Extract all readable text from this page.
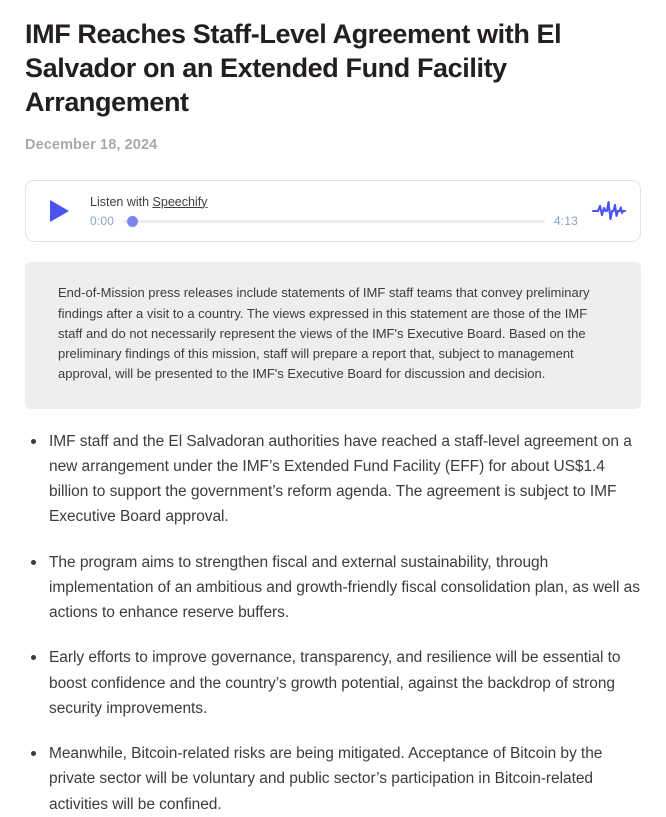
IMF Reaches Staff-Level Agreement with El Salvador on an Extended Fund Facility Arrangement
December 18, 2024
Listen with Speechify
0:00	4:13

End-of-Mission press releases include statements of IMF staff teams that convey preliminary findings after a visit to a country. The views expressed in this statement are those of the IMF staff and do not necessarily represent the views of the IMF's Executive Board. Based on the preliminary findings of this mission, staff will prepare a report that, subject to management approval, will be presented to the IMF's Executive Board for discussion and decision.

IMF staff and the El Salvadoran authorities have reached a staff-level agreement on a new arrangement under the IMF’s Extended Fund Facility (EFF) for about US$1.4 billion to support the government’s reform agenda. The agreement is subject to IMF Executive Board approval.
The program aims to strengthen fiscal and external sustainability, through implementation of an ambitious and growth-friendly fiscal consolidation plan, as well as actions to enhance reserve buffers.
Early efforts to improve governance, transparency, and resilience will be essential to boost confidence and the country’s growth potential, against the backdrop of strong security improvements.
Meanwhile, Bitcoin-related risks are being mitigated. Acceptance of Bitcoin by the private sector will be voluntary and public sector’s participation in Bitcoin-related activities will be confined.
